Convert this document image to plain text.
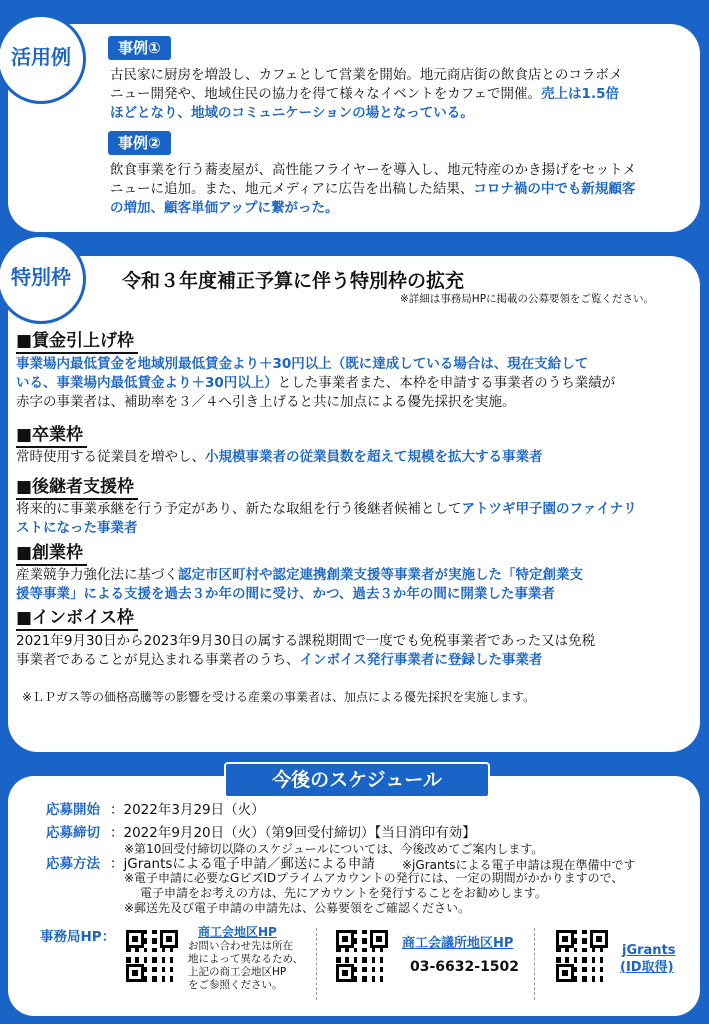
活用例	事例①
古民家に厨房を増設し、カフェとして営業を開始。地元商店街の飲食店とのコラボメ
ニュー開発や、地域住民の協力を得て様々なイベントをカフェで開催。売上は1.5倍
ほどとなり、地域のコミュニケーションの場となっている。
事例②
飲食事業を行う蕎麦屋が、高性能フライヤーを導入し、地元特産のかき揚げをセットメ
ニューに追加。また、地元メディアに広告を出稿した結果、コロナ禍の中でも新規顧客
の増加、顧客単価アップに繋がった。
特別枠	令和３年度補正予算に伴う特別枠の拡充
※詳細は事務局HPに掲載の公募要領をご覧ください。
■賃金引上げ枠
事業場内最低賃金を地域別最低賃金より＋30円以上（既に達成している場合は、現在支給して
いる、事業場内最低賃金より＋30円以上）とした事業者また、本枠を申請する事業者のうち業績が
赤字の事業者は、補助率を３／４へ引き上げると共に加点による優先採択を実施。
■卒業枠
常時使用する従業員を増やし、小規模事業者の従業員数を超えて規模を拡大する事業者
■後継者支援枠
将来的に事業承継を行う予定があり、新たな取組を行う後継者候補としてアトツギ甲子園のファイナリ
ストになった事業者
■創業枠
産業競争力強化法に基づく認定市区町村や認定連携創業支援等事業者が実施した「特定創業支
援等事業」による支援を過去３か年の間に受け、かつ、過去３か年の間に開業した事業者
■インボイス枠
2021年9月30日から2023年9月30日の属する課税期間で一度でも免税事業者であった又は免税
事業者であることが見込まれる事業者のうち、インボイス発行事業者に登録した事業者
※ＬＰガス等の価格高騰等の影響を受ける産業の事業者は、加点による優先採択を実施します。
今後のスケジュール
応募開始 ：2022年3月29日（火）
応募締切 ：2022年9月20日（火）（第9回受付締切）【当日消印有効】
※第10回受付締切以降のスケジュールについては、今後改めてご案内します。
応募方法 ：jGrantsによる電子申請／郵送による申請 ※jGrantsによる電子申請は現在準備中です
※電子申請に必要なGビズIDプライムアカウントの発行には、一定の期間がかかりますので、
電子申請をお考えの方は、先にアカウントを発行することをお勧めします。
※郵送先及び電子申請の申請先は、公募要領をご確認ください。
事務局HP：	商工会地区HP
お問い合わせ先は所在
地によって異なるため、
上記の商工会地区HP
をご参照ください。
商工会議所地区HP
03-6632-1502
jGrants
(ID取得)
